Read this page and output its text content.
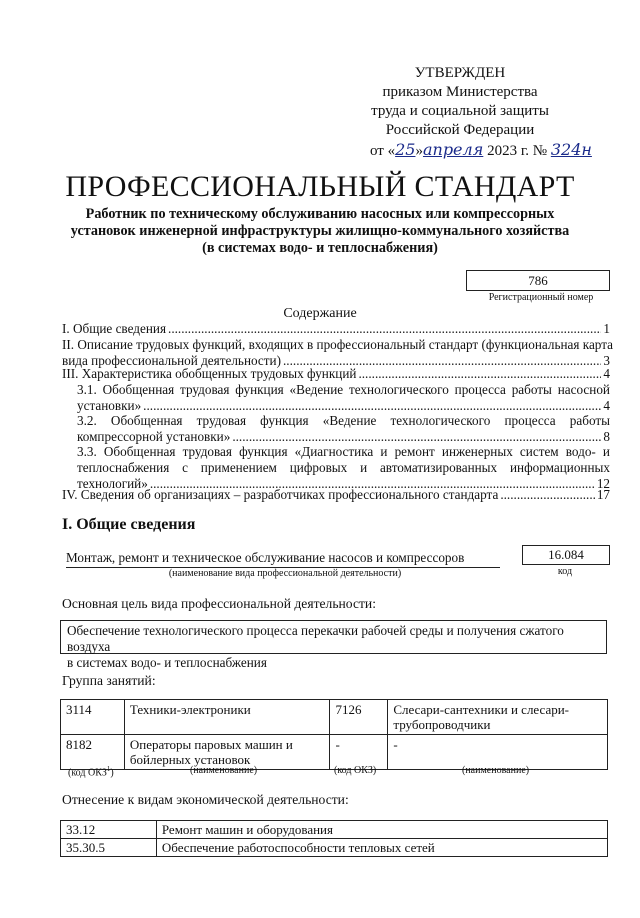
УТВЕРЖДЕН
приказом Министерства
труда и социальной защиты
Российской Федерации
от «25»апреля 2023 г. № 324н
ПРОФЕССИОНАЛЬНЫЙ СТАНДАРТ
Работник по техническому обслуживанию насосных или компрессорных
установок инженерной инфраструктуры жилищно-коммунального хозяйства
(в системах водо- и теплоснабжения)
786
Регистрационный номер
Содержание
I. Общие сведения .....	1
II. Описание трудовых функций, входящих в профессиональный стандарт (функциональная карта
вида профессиональной деятельности) .....	3
III. Характеристика обобщенных трудовых функций .....	4
3.1. Обобщенная трудовая функция «Ведение технологического процесса работы насосной
установки» .....	4
3.2. Обобщенная трудовая функция «Ведение технологического процесса работы
компрессорной установки» .....	8
3.3. Обобщенная трудовая функция «Диагностика и ремонт инженерных систем водо- и
теплоснабжения с применением цифровых и автоматизированных информационных
технологий» .....	12
IV. Сведения об организациях – разработчиках профессионального стандарта .....	17
I. Общие сведения
Монтаж, ремонт и техническое обслуживание насосов и компрессоров
(наименование вида профессиональной деятельности)
16.084
код
Основная цель вида профессиональной деятельности:
Обеспечение технологического процесса перекачки рабочей среды и получения сжатого воздуха
в системах водо- и теплоснабжения
Группа занятий:
3114	Техники-электроники	7126	Слесари-сантехники и слесари-трубопроводчики
8182	Операторы паровых машин и бойлерных установок	-	-
(код ОКЗ$^1$)	(наименование)	(код ОКЗ)	(наименование)
Отнесение к видам экономической деятельности:
33.12	Ремонт машин и оборудования
35.30.5	Обеспечение работоспособности тепловых сетей
